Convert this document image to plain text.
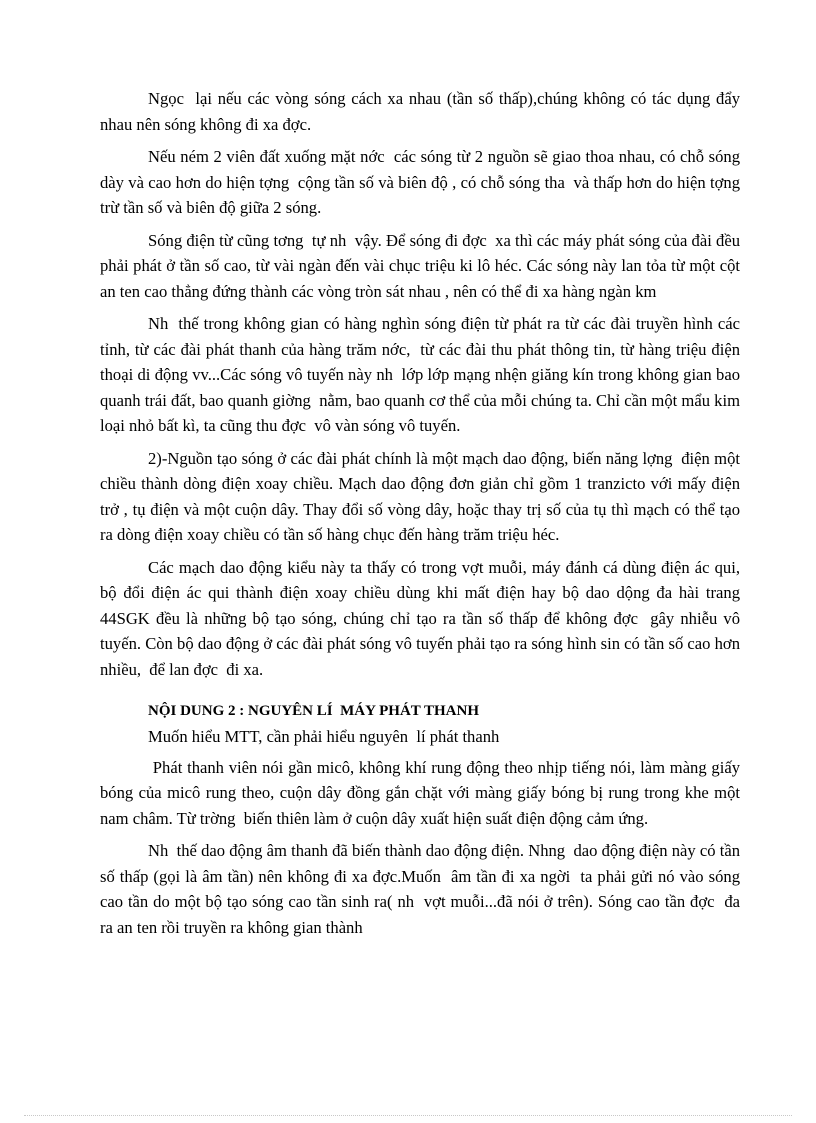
Ngọc  lại nếu các vòng sóng cách xa nhau (tần số thấp),chúng không có tác dụng đẩy nhau nên sóng không đi xa đợc.

Nếu ném 2 viên đất xuống mặt nớc  các sóng từ 2 nguồn sẽ giao thoa nhau, có chỗ sóng dày và cao hơn do hiện tợng  cộng tần số và biên độ , có chỗ sóng tha  và thấp hơn do hiện tợng  trừ tần số và biên độ giữa 2 sóng.

Sóng điện từ cũng tơng  tự nh  vậy. Để sóng đi đợc  xa thì các máy phát sóng của đài đều phải phát ở tần số cao, từ vài ngàn đến vài chục triệu ki lô héc. Các sóng này lan tỏa từ một cột an ten cao thẳng đứng thành các vòng tròn sát nhau , nên có thể đi xa hàng ngàn km

Nh  thế trong không gian có hàng nghìn sóng điện từ phát ra từ các đài truyền hình các tỉnh, từ các đài phát thanh của hàng trăm nớc,  từ các đài thu phát thông tin, từ hàng triệu điện thoại di động vv...Các sóng vô tuyến này nh  lớp lớp mạng nhện giăng kín trong không gian bao quanh trái đất, bao quanh giờng  nằm, bao quanh cơ thể của mỗi chúng ta. Chỉ cần một mẩu kim loại nhỏ bất kì, ta cũng thu đợc  vô vàn sóng vô tuyến.

2)-Nguồn tạo sóng ở các đài phát chính là một mạch dao động, biến năng lợng  điện một chiều thành dòng điện xoay chiều. Mạch dao động đơn giản chỉ gồm 1 tranzicto với mấy điện trở , tụ điện và một cuộn dây. Thay đổi số vòng dây, hoặc thay trị số của tụ thì mạch có thể tạo ra dòng điện xoay chiều có tần số hàng chục đến hàng trăm triệu héc.

Các mạch dao động kiểu này ta thấy có trong vợt muỗi, máy đánh cá dùng điện ác qui, bộ đổi điện ác qui thành điện xoay chiều dùng khi mất điện hay bộ dao dộng đa hài trang 44SGK đều là những bộ tạo sóng, chúng chỉ tạo ra tần số thấp để không đợc  gây nhiễu vô tuyến. Còn bộ dao động ở các đài phát sóng vô tuyến phải tạo ra sóng hình sin có tần số cao hơn nhiều,  để lan đợc  đi xa.

NỘI DUNG 2 : NGUYÊN LÍ  MÁY PHÁT THANH

Muốn hiểu MTT, cần phải hiểu nguyên  lí phát thanh

Phát thanh viên nói gần micô, không khí rung động theo nhịp tiếng nói, làm màng giấy bóng của micô rung theo, cuộn dây đồng gắn chặt với màng giấy bóng bị rung trong khe một nam châm. Từ trờng  biến thiên làm ở cuộn dây xuất hiện suất điện động cảm ứng.

Nh  thế dao động âm thanh đã biến thành dao động điện. Nhng  dao động điện này có tần số thấp (gọi là âm tần) nên không đi xa đợc.Muốn  âm tần đi xa ngời  ta phải gửi nó vào sóng cao tần do một bộ tạo sóng cao tần sinh ra( nh  vợt muỗi...đã nói ở trên). Sóng cao tần đợc  đa  ra an ten rồi truyền ra không gian thành
